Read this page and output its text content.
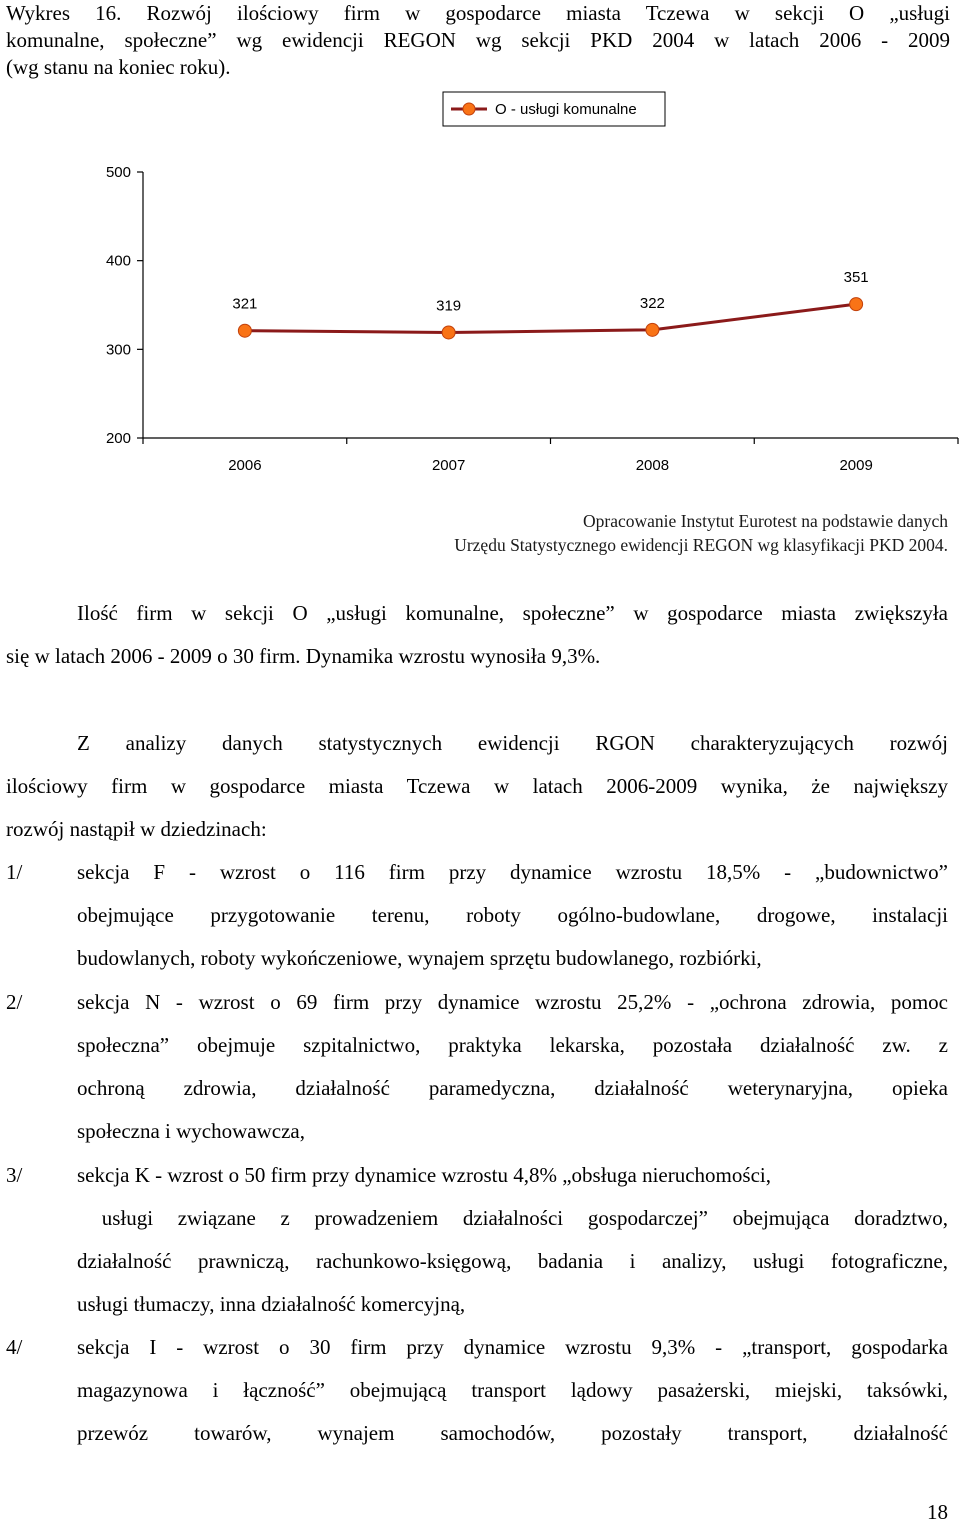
Wykres 16. Rozwój ilościowy firm w gospodarce miasta Tczewa w sekcji O „usługi
komunalne, społeczne” wg ewidencji REGON wg sekcji PKD 2004 w latach 2006 - 2009
(wg stanu na koniec roku).
200
300
400
500
2006	2007	2008	2009
O - usługi komunalne
321	319	322
351
Opracowanie Instytut Eurotest na podstawie danych
Urzędu Statystycznego ewidencji REGON wg klasyfikacji PKD 2004.
Ilość firm w sekcji O „usługi komunalne, społeczne” w gospodarce miasta zwiększyła
się w latach 2006 - 2009 o 30 firm. Dynamika wzrostu wynosiła 9,3%.
Z analizy danych statystycznych ewidencji RGON charakteryzujących rozwój
ilościowy firm w gospodarce miasta Tczewa w latach 2006-2009 wynika, że największy
rozwój nastąpił w dziedzinach:
1/	sekcja F - wzrost o 116 firm przy dynamice wzrostu 18,5% - „budownictwo”
obejmujące przygotowanie terenu, roboty ogólno-budowlane, drogowe, instalacji
budowlanych, roboty wykończeniowe, wynajem sprzętu budowlanego, rozbiórki,
2/	sekcja N - wzrost o 69 firm przy dynamice wzrostu 25,2% - „ochrona zdrowia, pomoc
społeczna” obejmuje szpitalnictwo, praktyka lekarska, pozostała działalność zw. z
ochroną zdrowia, działalność paramedyczna, działalność weterynaryjna, opieka
społeczna i wychowawcza,
3/	sekcja K - wzrost o 50 firm przy dynamice wzrostu 4,8% „obsługa nieruchomości,
usługi związane z prowadzeniem działalności gospodarczej” obejmująca doradztwo,
działalność prawniczą, rachunkowo-księgową, badania i analizy, usługi fotograficzne,
usługi tłumaczy, inna działalność komercyjną,
4/	sekcja I - wzrost o 30 firm przy dynamice wzrostu 9,3% - „transport, gospodarka
magazynowa i łączność” obejmującą transport lądowy pasażerski, miejski, taksówki,
przewóz towarów, wynajem samochodów, pozostały transport, działalność
18
